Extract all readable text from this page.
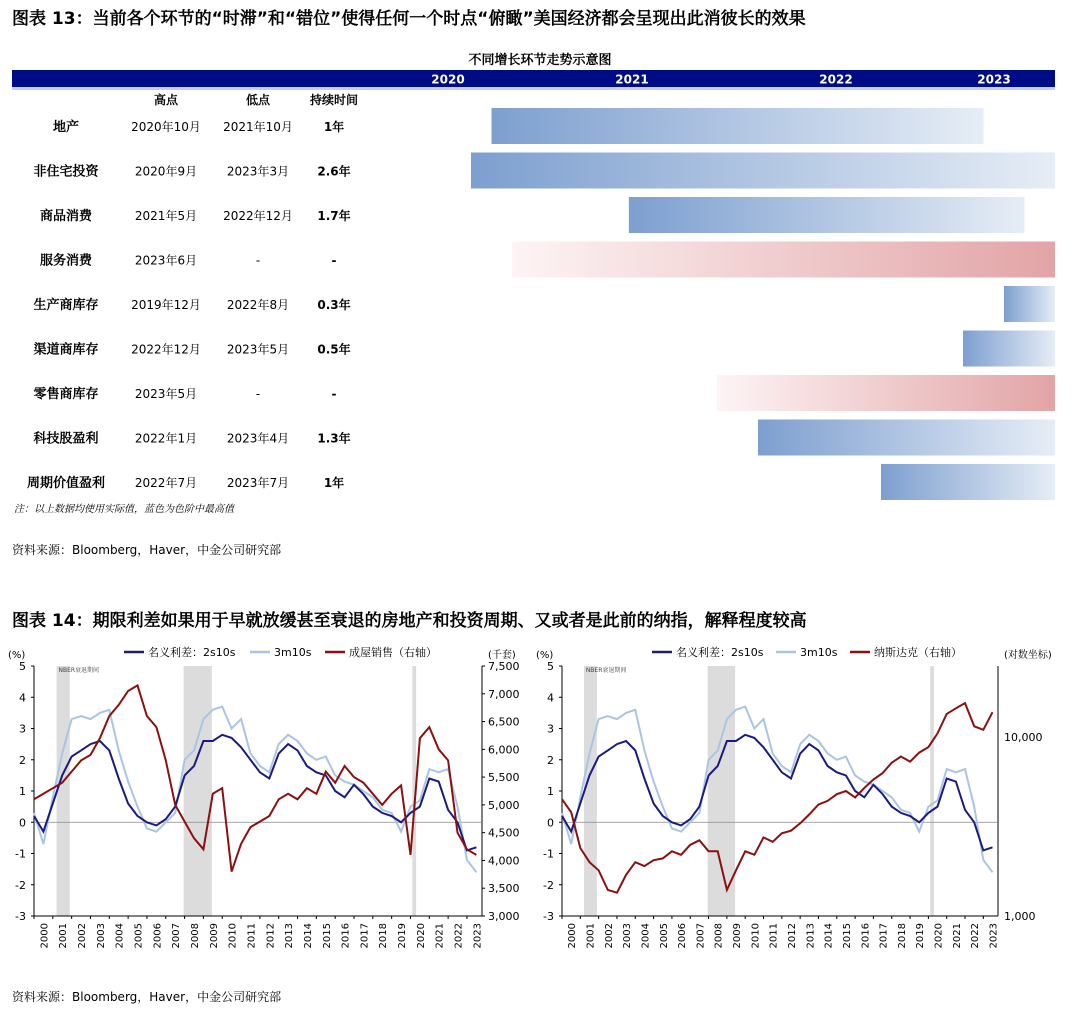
图表 13：当前各个环节的“时滞”和“错位”使得任何一个时点“俯瞰”美国经济都会呈现出此消彼长的效果
不同增长环节走势示意图
2020	2021	2022	2023
高点	低点	持续时间
地产	2020年10月 2021年10月	1年
非住宅投资	2020年9月 2023年3月 2.6年
商品消费	2021年5月 2022年12月 1.7年
服务消费	2023年6月	-	-
生产商库存	2019年12月 2022年8月 0.3年
渠道商库存	2022年12月 2023年5月 0.5年
零售商库存	2023年5月	-	-
科技股盈利	2022年1月 2023年4月 1.3年
周期价值盈利 2022年7月 2023年7月	1年
注：以上数据均使用实际值，蓝色为色阶中最高值
资料来源：Bloomberg，Haver，中金公司研究部
图表 14：期限利差如果用于早就放缓甚至衰退的房地产和投资周期、又或者是此前的纳指，解释程度较高
NBER衰退期间
-3
-2
-1
0
1
2
3
4
5
(%)	(千套)
2000 2001 2002 2003 2004 2005 2006 2007 2008 2009 2010 2011 2012 2013 2014 2015 2016 2017 2018 2019 2020 2021 2022 2023
3,000
3,500
4,000
4,500
5,000
5,500
6,000
6,500
7,000
7,500
名义利差：2s10s	3m10s	成屋销售（右轴）
NBER衰退期间
-3
-2
-1
0
1
2
3
4
5
(%)	(对数坐标)
2000 2001 2002 2003 2004 2005 2006 2007 2008 2009 2010 2011 2012 2013 2014 2015 2016 2017 2018 2019 2020 2021 2022 2023
10,000
1,000
名义利差：2s10s	3m10s	纳斯达克（右轴）
资料来源：Bloomberg，Haver，中金公司研究部
